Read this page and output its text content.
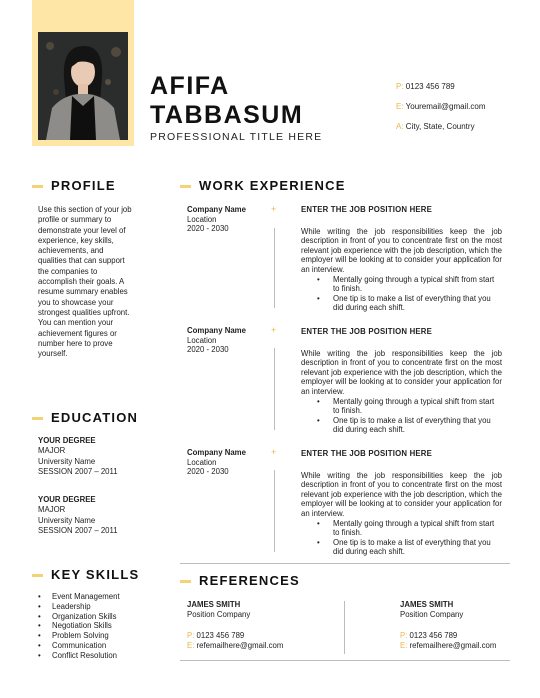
AFIFA
TABBASUM
PROFESSIONAL TITLE HERE
P: 0123 456 789
E: Youremail@gmail.com
A: City, State, Country
PROFILE
Use this section of your job profile or summary to demonstrate your level of experience, key skills, achievements, and qualities that can support the companies to accomplish their goals. A resume summary enables you to showcase your strongest qualities upfront. You can mention your achievement figures or number here to prove yourself.
EDUCATION
YOUR DEGREE
MAJOR
University Name
SESSION 2007 – 2011
YOUR DEGREE
MAJOR
University Name
SESSION 2007 – 2011
KEY SKILLS
• Event Management
• Leadership
• Organization Skills
• Negotiation Skills
• Problem Solving
• Communication
• Conflict Resolution
WORK EXPERIENCE
Company Name
Location
2020 - 2030
+	ENTER THE JOB POSITION HERE
While writing the job responsibilities keep the job description in front of you to concentrate first on the most relevant job experience with the job description, which the employer will be looking at to consider your application for an interview.
• Mentally going through a typical shift from start to finish.
• One tip is to make a list of everything that you did during each shift.
Company Name
Location
2020 - 2030
+	ENTER THE JOB POSITION HERE
While writing the job responsibilities keep the job description in front of you to concentrate first on the most relevant job experience with the job description, which the employer will be looking at to consider your application for an interview.
• Mentally going through a typical shift from start to finish.
• One tip is to make a list of everything that you did during each shift.
Company Name
Location
2020 - 2030
+	ENTER THE JOB POSITION HERE
While writing the job responsibilities keep the job description in front of you to concentrate first on the most relevant job experience with the job description, which the employer will be looking at to consider your application for an interview.
• Mentally going through a typical shift from start to finish.
• One tip is to make a list of everything that you did during each shift.
REFERENCES
JAMES SMITH
Position Company
P: 0123 456 789
E: refemailhere@gmail.com
JAMES SMITH
Position Company
P: 0123 456 789
E: refemailhere@gmail.com
